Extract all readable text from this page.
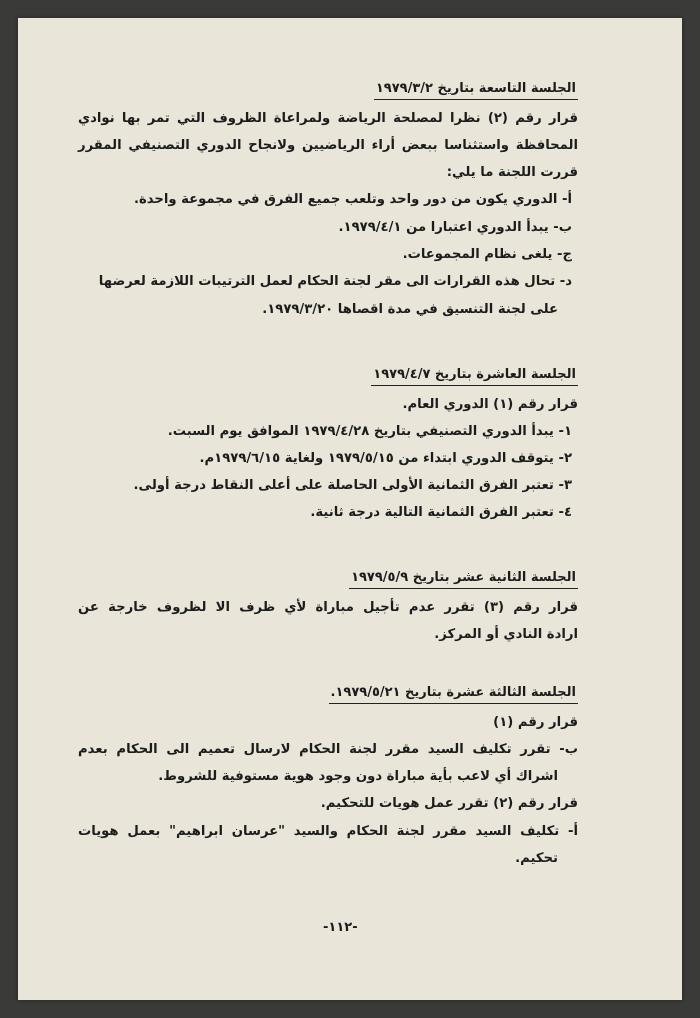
الجلسة التاسعة بتاريخ ١٩٧٩/٣/٢
قرار رقم (٢) نظرا لمصلحة الرياضة ولمراعاة الظروف التي تمر بها نوادي
المحافظة واستثناسا ببعض أراء الرياضيين ولانجاح الدوري التصنيفي المقرر
قررت اللجنة ما يلي:
أ- الدوري يكون من دور واحد وتلعب جميع الفرق في مجموعة واحدة.
ب- يبدأ الدوري اعتبارا من ١٩٧٩/٤/١.
ج- يلغى نظام المجموعات.
د- تحال هذه القرارات الى مقر لجنة الحكام لعمل الترتيبات اللازمة لعرضها
على لجنة التنسيق في مدة اقصاها ١٩٧٩/٣/٢٠.
الجلسة العاشرة بتاريخ ١٩٧٩/٤/٧
قرار رقم (١) الدوري العام.
١- يبدأ الدوري التصنيفي بتاريخ ١٩٧٩/٤/٢٨ الموافق يوم السبت.
٢- يتوقف الدوري ابتداء من ١٩٧٩/٥/١٥ ولغاية ١٩٧٩/٦/١٥م.
٣- تعتبر الفرق الثمانية الأولى الحاصلة على أعلى النقاط درجة أولى.
٤- تعتبر الفرق الثمانية التالية درجة ثانية.
الجلسة الثانية عشر بتاريخ ١٩٧٩/٥/٩
قرار رقم (٣) تقرر عدم تأجيل مباراة لأي ظرف الا لظروف خارجة عن
ارادة النادي أو المركز.
الجلسة الثالثة عشرة بتاريخ ١٩٧٩/٥/٢١.
قرار رقم (١)
ب- تقرر تكليف السيد مقرر لجنة الحكام لارسال تعميم الى الحكام بعدم
اشراك أي لاعب بأية مباراة دون وجود هوية مستوفية للشروط.
قرار رقم (٢) تقرر عمل هويات للتحكيم.
أ- تكليف السيد مقرر لجنة الحكام والسيد "عرسان ابراهيم" بعمل هويات
تحكيم.
-١١٢-
